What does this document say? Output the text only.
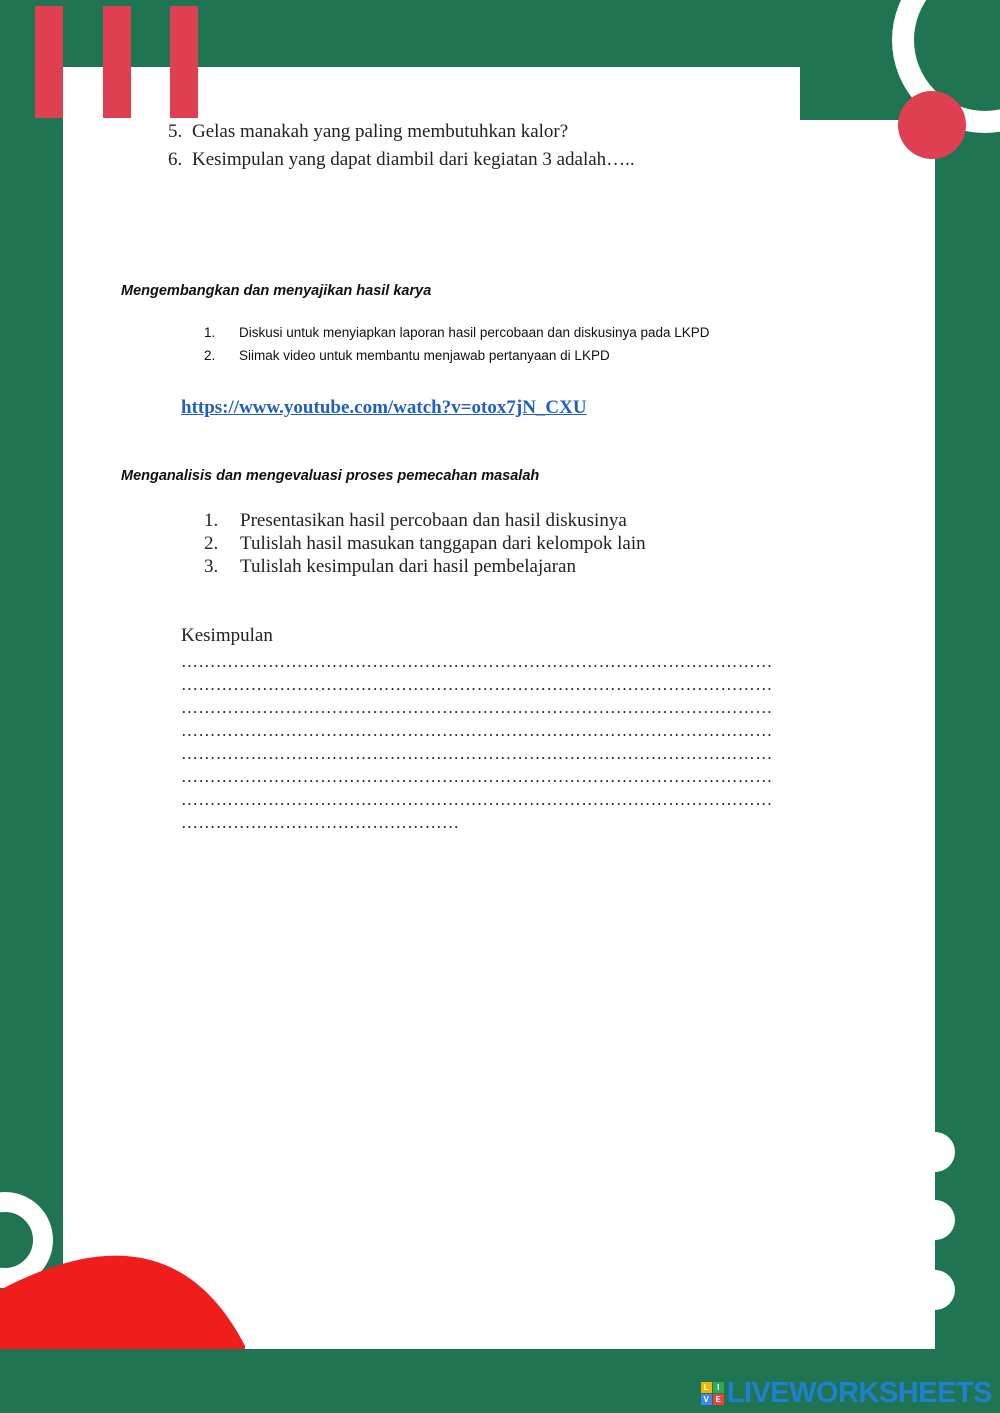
5. Gelas manakah yang paling membutuhkan kalor?
6. Kesimpulan yang dapat diambil dari kegiatan 3 adalah…..
Mengembangkan dan menyajikan hasil karya
1. Diskusi untuk menyiapkan laporan hasil percobaan dan diskusinya pada LKPD
2. Siimak video untuk membantu menjawab pertanyaan di LKPD
https://www.youtube.com/watch?v=otox7jN_CXU
Menganalisis dan mengevaluasi proses pemecahan masalah
1. Presentasikan hasil percobaan dan hasil diskusinya
2. Tulislah hasil masukan tanggapan dari kelompok lain
3. Tulislah kesimpulan dari hasil pembelajaran
Kesimpulan
…………………………………………………………………………………………
…………………………………………………………………………………………
…………………………………………………………………………………………
…………………………………………………………………………………………
…………………………………………………………………………………………
…………………………………………………………………………………………
…………………………………………………………………………………………
…………………………………………
L	I
V E LIVEWORKSHEETS
